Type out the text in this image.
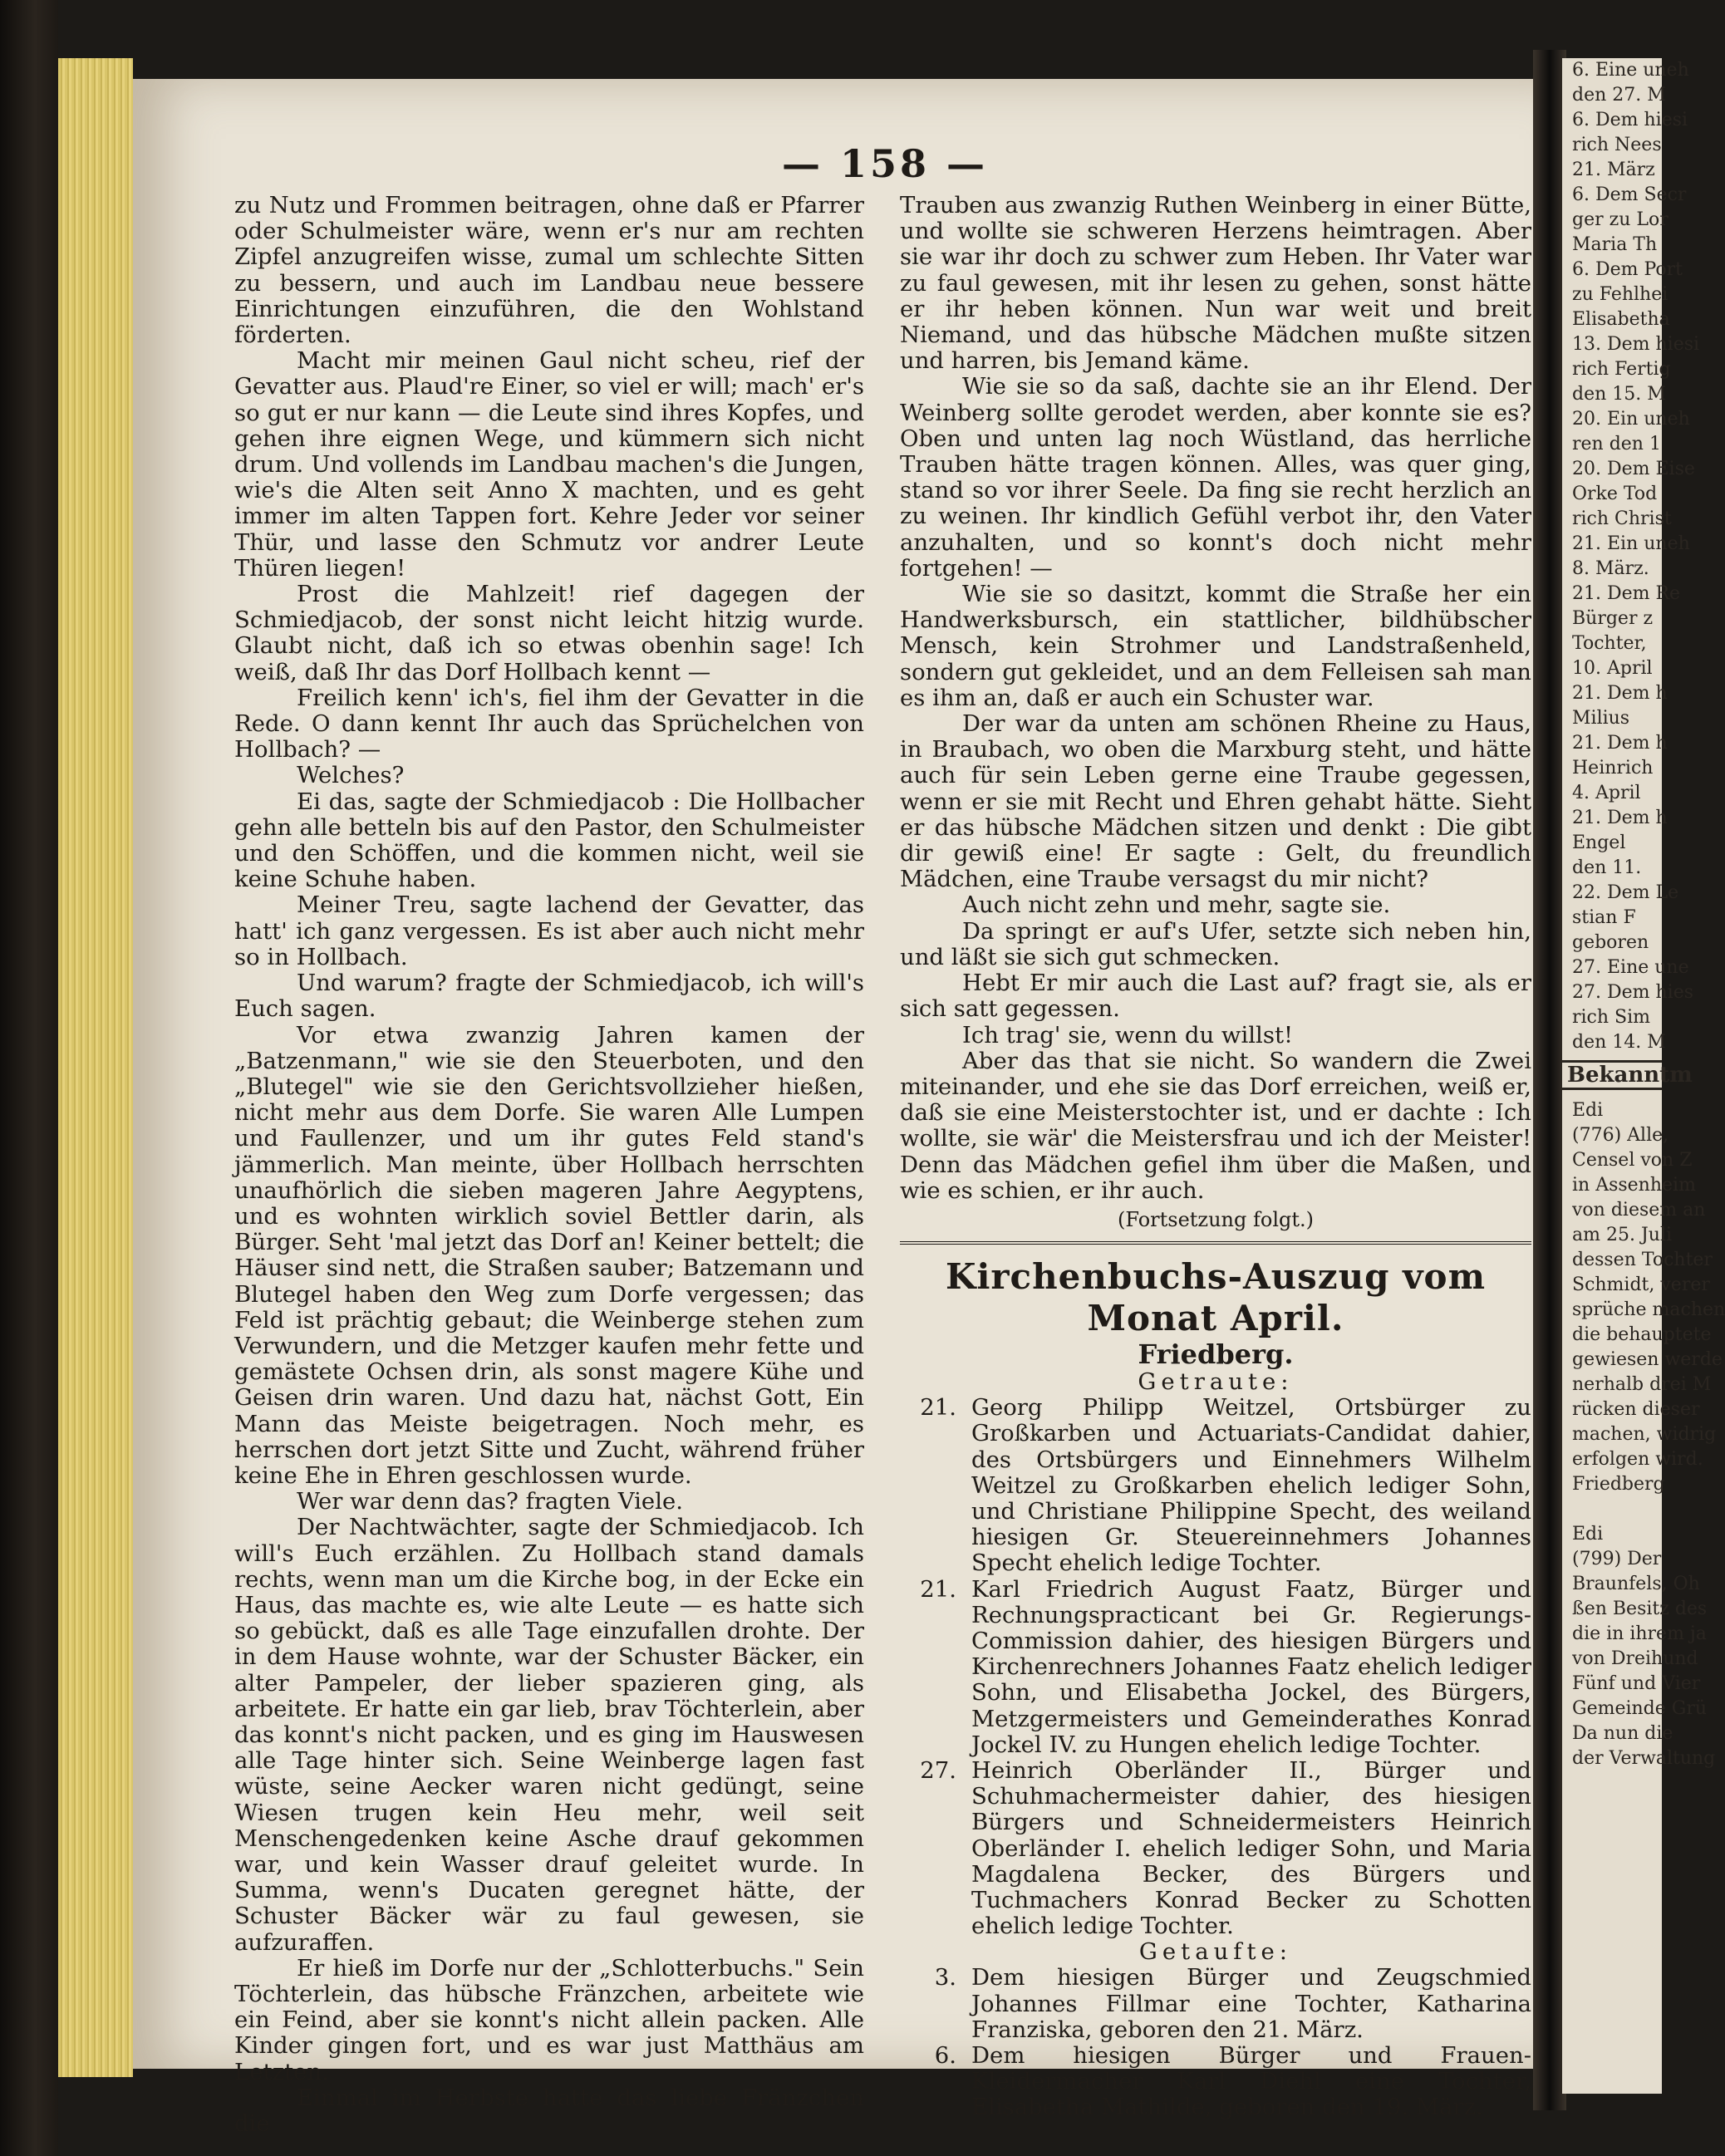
6. Eine uneh
den 27. M
6. Dem hiesi
rich Nees
21. März
6. Dem Secr
ger zu Lor
Maria Th
6. Dem Port
zu Fehlhei
Elisabetha
13. Dem hiesi
rich Fertig
den 15. M
20. Ein uneh
ren den 1
20. Dem Eise
Orke Tod
rich Christ
21. Ein uneh
8. März.
21. Dem Re
Bürger z
Tochter,
10. April
21. Dem h
Milius
21. Dem h
Heinrich
4. April
21. Dem h
Engel
den 11.
22. Dem Le
stian F
geboren
27. Eine une
27. Dem hies
rich Sim
den 14. M
Bekanntm
Edi
(776) Alle,
Censel von Z
in Assenheim
von diesem an
am 25. Juli
dessen Tochter
Schmidt, verer
sprüche machen
die behauptete
gewiesen werde
nerhalb drei M
rücken dieser
machen, widrig
erfolgen wird.
Friedberg

Edi
(799) Der
Braunfels, Oh
ßen Besitz des
die in ihrem ja
von Dreihund
Fünf und Vier
Gemeinde Grü
Da nun die
der Verwaltung
— 158 —

zu Nutz und Frommen beitragen, ohne daß er Pfarrer oder Schulmeister wäre, wenn er's nur am rechten Zipfel anzugreifen wisse, zumal um schlechte Sitten zu bessern, und auch im Landbau neue bessere Einrichtungen einzuführen, die den Wohlstand förderten.

Macht mir meinen Gaul nicht scheu, rief der Gevatter aus. Plaud're Einer, so viel er will; mach' er's so gut er nur kann — die Leute sind ihres Kopfes, und gehen ihre eignen Wege, und kümmern sich nicht drum. Und vollends im Landbau machen's die Jungen, wie's die Alten seit Anno X machten, und es geht immer im alten Tappen fort. Kehre Jeder vor seiner Thür, und lasse den Schmutz vor andrer Leute Thüren liegen!

Prost die Mahlzeit! rief dagegen der Schmiedjacob, der sonst nicht leicht hitzig wurde. Glaubt nicht, daß ich so etwas obenhin sage! Ich weiß, daß Ihr das Dorf Hollbach kennt —

Freilich kenn' ich's, fiel ihm der Gevatter in die Rede. O dann kennt Ihr auch das Sprüchelchen von Hollbach? —

Welches?

Ei das, sagte der Schmiedjacob : Die Hollbacher gehn alle betteln bis auf den Pastor, den Schulmeister und den Schöffen, und die kommen nicht, weil sie keine Schuhe haben.

Meiner Treu, sagte lachend der Gevatter, das hatt' ich ganz vergessen. Es ist aber auch nicht mehr so in Hollbach.

Und warum? fragte der Schmiedjacob, ich will's Euch sagen.

Vor etwa zwanzig Jahren kamen der „Batzenmann," wie sie den Steuerboten, und den „Blutegel" wie sie den Gerichtsvollzieher hießen, nicht mehr aus dem Dorfe. Sie waren Alle Lumpen und Faullenzer, und um ihr gutes Feld stand's jämmerlich. Man meinte, über Hollbach herrschten unaufhörlich die sieben mageren Jahre Aegyptens, und es wohnten wirklich soviel Bettler darin, als Bürger. Seht 'mal jetzt das Dorf an! Keiner bettelt; die Häuser sind nett, die Straßen sauber; Batzemann und Blutegel haben den Weg zum Dorfe vergessen; das Feld ist prächtig gebaut; die Weinberge stehen zum Verwundern, und die Metzger kaufen mehr fette und gemästete Ochsen drin, als sonst magere Kühe und Geisen drin waren. Und dazu hat, nächst Gott, Ein Mann das Meiste beigetragen. Noch mehr, es herrschen dort jetzt Sitte und Zucht, während früher keine Ehe in Ehren geschlossen wurde.

Wer war denn das? fragten Viele.

Der Nachtwächter, sagte der Schmiedjacob. Ich will's Euch erzählen. Zu Hollbach stand damals rechts, wenn man um die Kirche bog, in der Ecke ein Haus, das machte es, wie alte Leute — es hatte sich so gebückt, daß es alle Tage einzufallen drohte. Der in dem Hause wohnte, war der Schuster Bäcker, ein alter Pampeler, der lieber spazieren ging, als arbeitete. Er hatte ein gar lieb, brav Töchterlein, aber das konnt's nicht packen, und es ging im Hauswesen alle Tage hinter sich. Seine Weinberge lagen fast wüste, seine Aecker waren nicht gedüngt, seine Wiesen trugen kein Heu mehr, weil seit Menschengedenken keine Asche drauf gekommen war, und kein Wasser drauf geleitet wurde. In Summa, wenn's Ducaten geregnet hätte, der Schuster Bäcker wär zu faul gewesen, sie aufzuraffen.

Er hieß im Dorfe nur der „Schlotterbuchs." Sein Töchterlein, das hübsche Fränzchen, arbeitete wie ein Feind, aber sie konnt's nicht allein packen. Alle Kinder gingen fort, und es war just Matthäus am Letzten.

Einmal im Herbste hatte das liebe Fränzchen die

Trauben aus zwanzig Ruthen Weinberg in einer Bütte, und wollte sie schweren Herzens heimtragen. Aber sie war ihr doch zu schwer zum Heben. Ihr Vater war zu faul gewesen, mit ihr lesen zu gehen, sonst hätte er ihr heben können. Nun war weit und breit Niemand, und das hübsche Mädchen mußte sitzen und harren, bis Jemand käme.

Wie sie so da saß, dachte sie an ihr Elend. Der Weinberg sollte gerodet werden, aber konnte sie es? Oben und unten lag noch Wüstland, das herrliche Trauben hätte tragen können. Alles, was quer ging, stand so vor ihrer Seele. Da fing sie recht herzlich an zu weinen. Ihr kindlich Gefühl verbot ihr, den Vater anzuhalten, und so konnt's doch nicht mehr fortgehen! —

Wie sie so dasitzt, kommt die Straße her ein Handwerksbursch, ein stattlicher, bildhübscher Mensch, kein Strohmer und Landstraßenheld, sondern gut gekleidet, und an dem Felleisen sah man es ihm an, daß er auch ein Schuster war.

Der war da unten am schönen Rheine zu Haus, in Braubach, wo oben die Marxburg steht, und hätte auch für sein Leben gerne eine Traube gegessen, wenn er sie mit Recht und Ehren gehabt hätte. Sieht er das hübsche Mädchen sitzen und denkt : Die gibt dir gewiß eine! Er sagte : Gelt, du freundlich Mädchen, eine Traube versagst du mir nicht?

Auch nicht zehn und mehr, sagte sie.

Da springt er auf's Ufer, setzte sich neben hin, und läßt sie sich gut schmecken.

Hebt Er mir auch die Last auf? fragt sie, als er sich satt gegessen.

Ich trag' sie, wenn du willst!

Aber das that sie nicht. So wandern die Zwei miteinander, und ehe sie das Dorf erreichen, weiß er, daß sie eine Meisterstochter ist, und er dachte : Ich wollte, sie wär' die Meistersfrau und ich der Meister! Denn das Mädchen gefiel ihm über die Maßen, und wie es schien, er ihr auch.

(Fortsetzung folgt.)

Kirchenbuchs-Auszug vom Monat April.
Friedberg.
Getraute:
21. Georg Philipp Weitzel, Ortsbürger zu Großkarben und Actuariats-Candidat dahier, des Ortsbürgers und Einnehmers Wilhelm Weitzel zu Großkarben ehelich lediger Sohn, und Christiane Philippine Specht, des weiland hiesigen Gr. Steuereinnehmers Johannes Specht ehelich ledige Tochter.
21. Karl Friedrich August Faatz, Bürger und Rechnungspracticant bei Gr. Regierungs-Commission dahier, des hiesigen Bürgers und Kirchenrechners Johannes Faatz ehelich lediger Sohn, und Elisabetha Jockel, des Bürgers, Metzgermeisters und Gemeinderathes Konrad Jockel IV. zu Hungen ehelich ledige Tochter.
27. Heinrich Oberländer II., Bürger und Schuhmachermeister dahier, des hiesigen Bürgers und Schneidermeisters Heinrich Oberländer I. ehelich lediger Sohn, und Maria Magdalena Becker, des Bürgers und Tuchmachers Konrad Becker zu Schotten ehelich ledige Tochter.
Getaufte:
3. Dem hiesigen Bürger und Zeugschmied Johannes Fillmar eine Tochter, Katharina Franziska, geboren den 21. März.
6. Dem hiesigen Bürger und Frauen-Kleidermacher Karl Diehl eine Tochter, Elisabetha Mathilde, geboren den 19. März.
